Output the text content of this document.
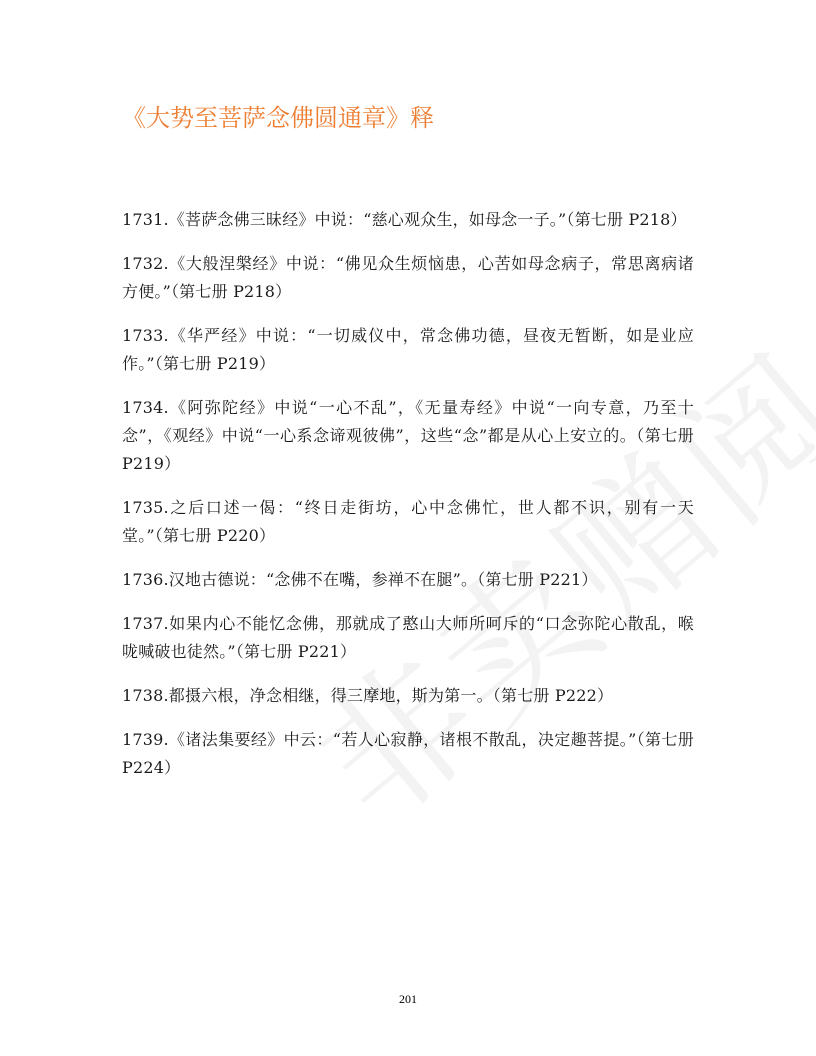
《大势至菩萨念佛圆通章》释

1731.《菩萨念佛三昧经》中说：“慈心观众生，如母念一子。”（第七册 P218）

1732.《大般涅槃经》中说：“佛见众生烦恼患，心苦如母念病子，常思离病诸方便。”（第七册 P218）

1733.《华严经》中说：“一切威仪中，常念佛功德，昼夜无暂断，如是业应作。”（第七册 P219）

1734.《阿弥陀经》中说“一心不乱”，《无量寿经》中说“一向专意，乃至十念”，《观经》中说“一心系念谛观彼佛”，这些“念”都是从心上安立的。（第七册 P219）

1735.之后口述一偈：“终日走街坊，心中念佛忙，世人都不识，别有一天堂。”（第七册 P220）

1736.汉地古德说：“念佛不在嘴，参禅不在腿”。（第七册 P221）

1737.如果内心不能忆念佛，那就成了憨山大师所呵斥的“口念弥陀心散乱，喉咙喊破也徒然。”（第七册 P221）

1738.都摄六根，净念相继，得三摩地，斯为第一。（第七册 P222）

1739.《诸法集要经》中云：“若人心寂静，诸根不散乱，决定趣菩提。”（第七册 P224）

201
